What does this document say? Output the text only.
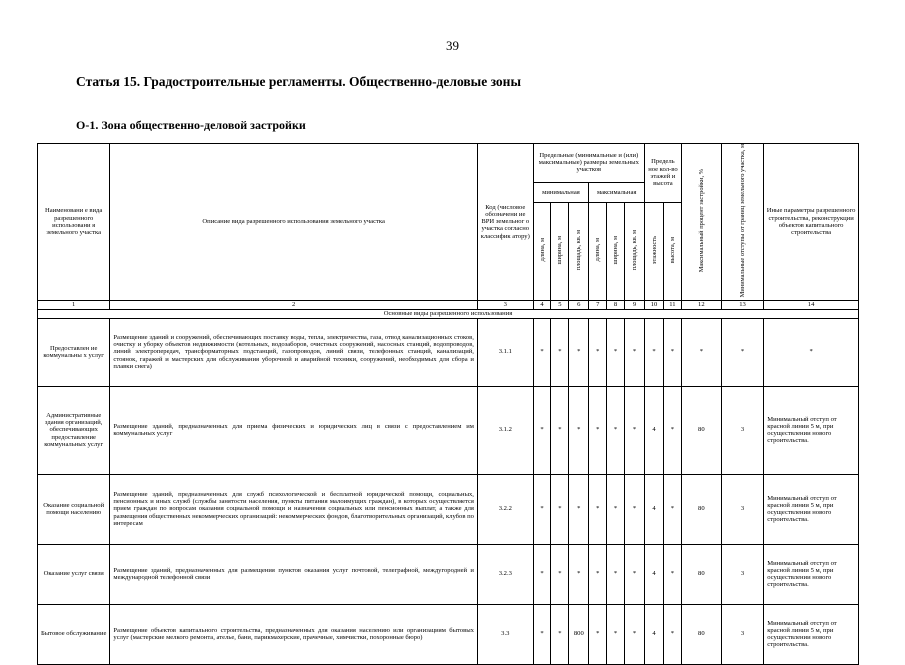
39
Статья 15. Градостроительные регламенты. Общественно-деловые зоны
О-1. Зона общественно-деловой застройки
Наименовани е вида разрешенного использовани я земельного участка	Описание вида разрешенного использования земельного участка	Код (числовое обозначени ие ВРИ земельног о участка согласно классифик атору)	Предельные (минимальные и (или) максимальные) размеры земельных участков						Предель ное кол-во этажей и высота		Максимальный процент застройки, %	Минимальные отступы от границ земельного участка, м	Иные параметры разрешенного строительства, реконструкции объектов капитального строительства
			минимальная			максимальная							
			длина, м	ширина, м	площадь, кв. м	длина, м	ширина, м	площадь, кв. м	этажность	высота, м			
1	2	3	4	5	6	7	8	9	10	11	12	13	14
Основные виды разрешенного использования													
Предоставлен ие коммунальны х услуг	Размещение зданий и сооружений, обеспечивающих поставку воды, тепла, электричества, газа, отвод канализационных стоков, очистку и уборку объектов недвижимости (котельных, водозаборов, очистных сооружений, насосных станций, водопроводов, линий электропередач, трансформаторных подстанций, газопроводов, линий связи, телефонных станций, канализаций, стоянок, гаражей и мастерских для обслуживания уборочной и аварийной техники, сооружений, необходимых для сбора и плавки снега)	3.1.1	*	*	*	*	*	*	*	*	*	*	*
Административные здания организаций, обеспечивающих предоставление коммунальных услуг	Размещение зданий, предназначенных для приема физических и юридических лиц в связи с предоставлением им коммунальных услуг	3.1.2	*	*	*	*	*	*	4	*	80	3	Минимальный отступ от красной линии 5 м, при осуществлении нового строительства.
Оказание социальной помощи населению	Размещение зданий, предназначенных для служб психологической и бесплатной юридической помощи, социальных, пенсионных и иных служб (службы занятости населения, пункты питания малоимущих граждан), в которых осуществляется прием граждан по вопросам оказания социальной помощи и назначения социальных или пенсионных выплат, а также для размещения общественных некоммерческих организаций: некоммерческих фондов, благотворительных организаций, клубов по интересам	3.2.2	*	*	*	*	*	*	4	*	80	3	Минимальный отступ от красной линии 5 м, при осуществлении нового строительства.
Оказание услуг связи	Размещение зданий, предназначенных для размещения пунктов оказания услуг почтовой, телеграфной, междугородней и международной телефонной связи	3.2.3	*	*	*	*	*	*	4	*	80	3	Минимальный отступ от красной линии 5 м, при осуществлении нового строительства.
Бытовое обслуживание	Размещение объектов капитального строительства, предназначенных для оказания населению или организациям бытовых услуг (мастерские мелкого ремонта, ателье, бани, парикмахерские, прачечные, химчистки, похоронные бюро)	3.3	*	*	800	*	*	*	4	*	80	3	Минимальный отступ от красной линии 5 м, при осуществлении нового строительства.
